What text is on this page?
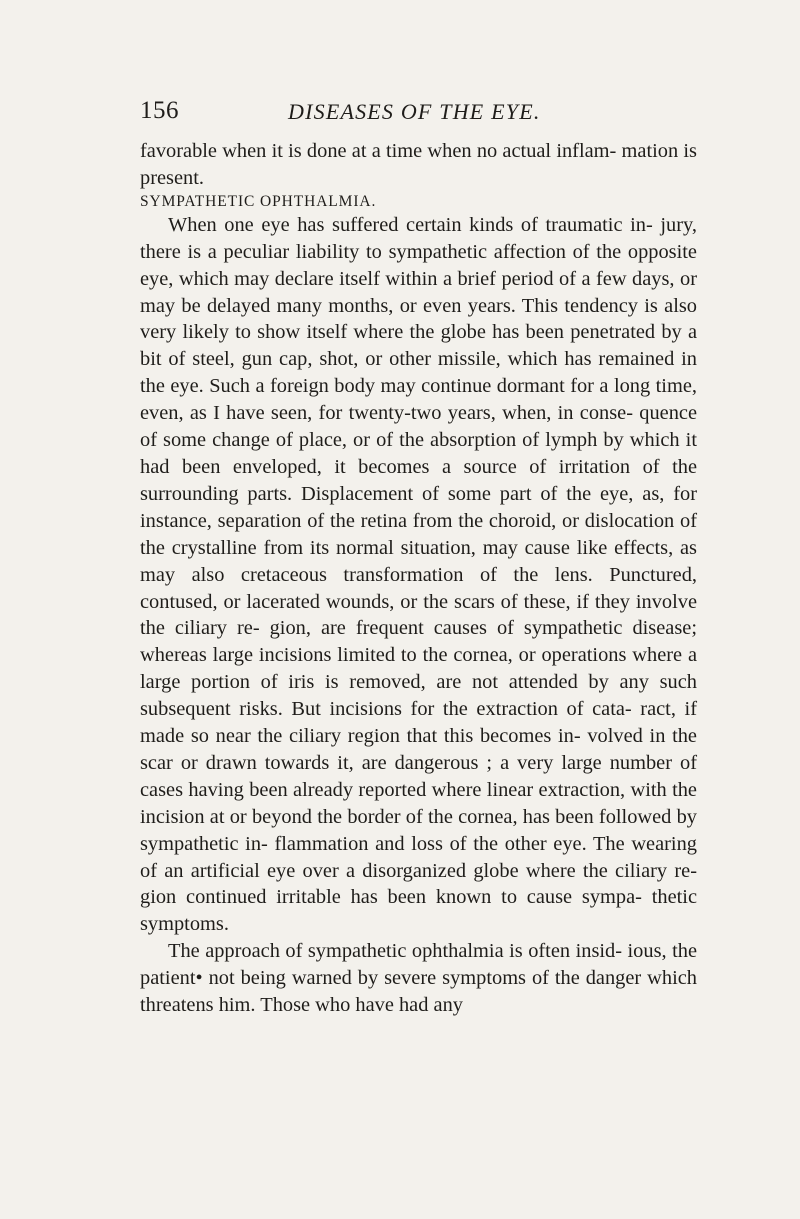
156	DISEASES OF THE EYE.

favorable when it is done at a time when no actual inflam- mation is present.

SYMPATHETIC OPHTHALMIA.

When one eye has suffered certain kinds of traumatic in- jury, there is a peculiar liability to sympathetic affection of the opposite eye, which may declare itself within a brief period of a few days, or may be delayed many months, or even years. This tendency is also very likely to show itself where the globe has been penetrated by a bit of steel, gun cap, shot, or other missile, which has remained in the eye. Such a foreign body may continue dormant for a long time, even, as I have seen, for twenty-two years, when, in conse- quence of some change of place, or of the absorption of lymph by which it had been enveloped, it becomes a source of irritation of the surrounding parts. Displacement of some part of the eye, as, for instance, separation of the retina from the choroid, or dislocation of the crystalline from its normal situation, may cause like effects, as may also cretaceous transformation of the lens. Punctured, contused, or lacerated wounds, or the scars of these, if they involve the ciliary re- gion, are frequent causes of sympathetic disease; whereas large incisions limited to the cornea, or operations where a large portion of iris is removed, are not attended by any such subsequent risks. But incisions for the extraction of cata- ract, if made so near the ciliary region that this becomes in- volved in the scar or drawn towards it, are dangerous ; a very large number of cases having been already reported where linear extraction, with the incision at or beyond the border of the cornea, has been followed by sympathetic in- flammation and loss of the other eye. The wearing of an artificial eye over a disorganized globe where the ciliary re- gion continued irritable has been known to cause sympa- thetic symptoms.

The approach of sympathetic ophthalmia is often insid- ious, the patient• not being warned by severe symptoms of the danger which threatens him. Those who have had any
